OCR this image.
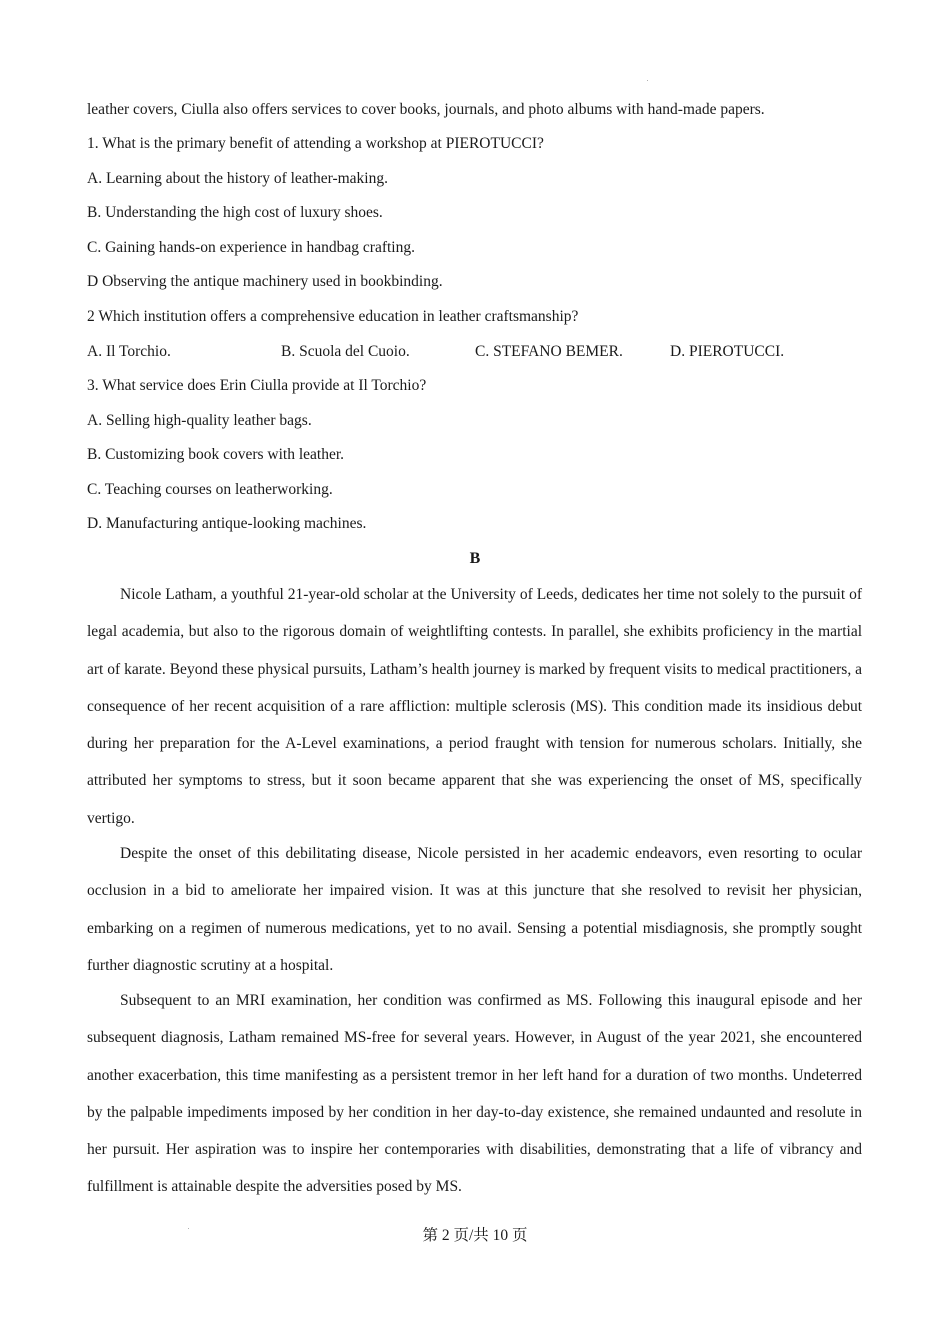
leather covers, Ciulla also offers services to cover books, journals, and photo albums with hand-made papers.
1. What is the primary benefit of attending a workshop at PIEROTUCCI?
A. Learning about the history of leather-making.
B. Understanding the high cost of luxury shoes.
C. Gaining hands-on experience in handbag crafting.
D Observing the antique machinery used in bookbinding.
2 Which institution offers a comprehensive education in leather craftsmanship?
A. Il Torchio.	B. Scuola del Cuoio.	C. STEFANO BEMER.	D. PIEROTUCCI.
3. What service does Erin Ciulla provide at Il Torchio?
A. Selling high-quality leather bags.
B. Customizing book covers with leather.
C. Teaching courses on leatherworking.
D. Manufacturing antique-looking machines.
B

Nicole Latham, a youthful 21-year-old scholar at the University of Leeds, dedicates her time not solely to the pursuit of legal academia, but also to the rigorous domain of weightlifting contests. In parallel, she exhibits proficiency in the martial art of karate. Beyond these physical pursuits, Latham’s health journey is marked by frequent visits to medical practitioners, a consequence of her recent acquisition of a rare affliction: multiple sclerosis (MS). This condition made its insidious debut during her preparation for the A-Level examinations, a period fraught with tension for numerous scholars. Initially, she attributed her symptoms to stress, but it soon became apparent that she was experiencing the onset of MS, specifically vertigo.

Despite the onset of this debilitating disease, Nicole persisted in her academic endeavors, even resorting to ocular occlusion in a bid to ameliorate her impaired vision. It was at this juncture that she resolved to revisit her physician, embarking on a regimen of numerous medications, yet to no avail. Sensing a potential misdiagnosis, she promptly sought further diagnostic scrutiny at a hospital.

Subsequent to an MRI examination, her condition was confirmed as MS. Following this inaugural episode and her subsequent diagnosis, Latham remained MS-free for several years. However, in August of the year 2021, she encountered another exacerbation, this time manifesting as a persistent tremor in her left hand for a duration of two months. Undeterred by the palpable impediments imposed by her condition in her day-to-day existence, she remained undaunted and resolute in her pursuit. Her aspiration was to inspire her contemporaries with disabilities, demonstrating that a life of vibrancy and fulfillment is attainable despite the adversities posed by MS.

第 2 页/共 10 页
